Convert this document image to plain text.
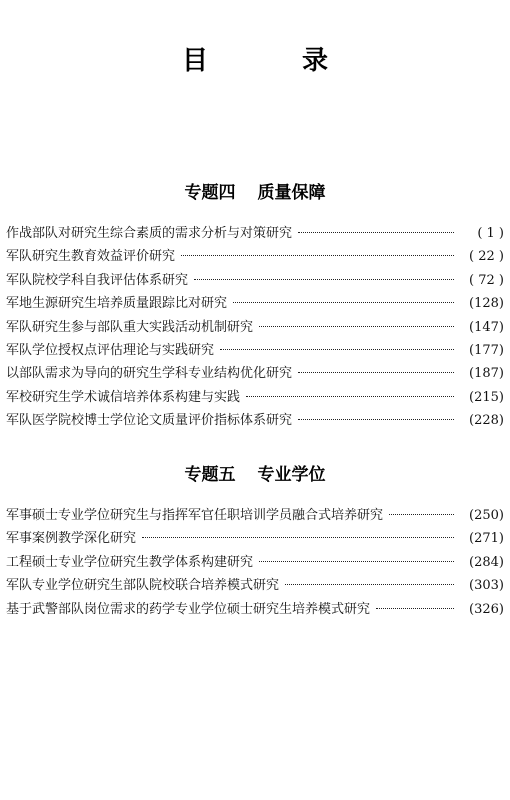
目　录
专题四 质量保障
作战部队对研究生综合素质的需求分析与对策研究	( 1 )
军队研究生教育效益评价研究	( 22 )
军队院校学科自我评估体系研究	( 72 )
军地生源研究生培养质量跟踪比对研究	(128)
军队研究生参与部队重大实践活动机制研究	(147)
军队学位授权点评估理论与实践研究	(177)
以部队需求为导向的研究生学科专业结构优化研究	(187)
军校研究生学术诚信培养体系构建与实践	(215)
军队医学院校博士学位论文质量评价指标体系研究	(228)
专题五 专业学位
军事硕士专业学位研究生与指挥军官任职培训学员融合式培养研究	(250)
军事案例教学深化研究	(271)
工程硕士专业学位研究生教学体系构建研究	(284)
军队专业学位研究生部队院校联合培养模式研究	(303)
基于武警部队岗位需求的药学专业学位硕士研究生培养模式研究	(326)
